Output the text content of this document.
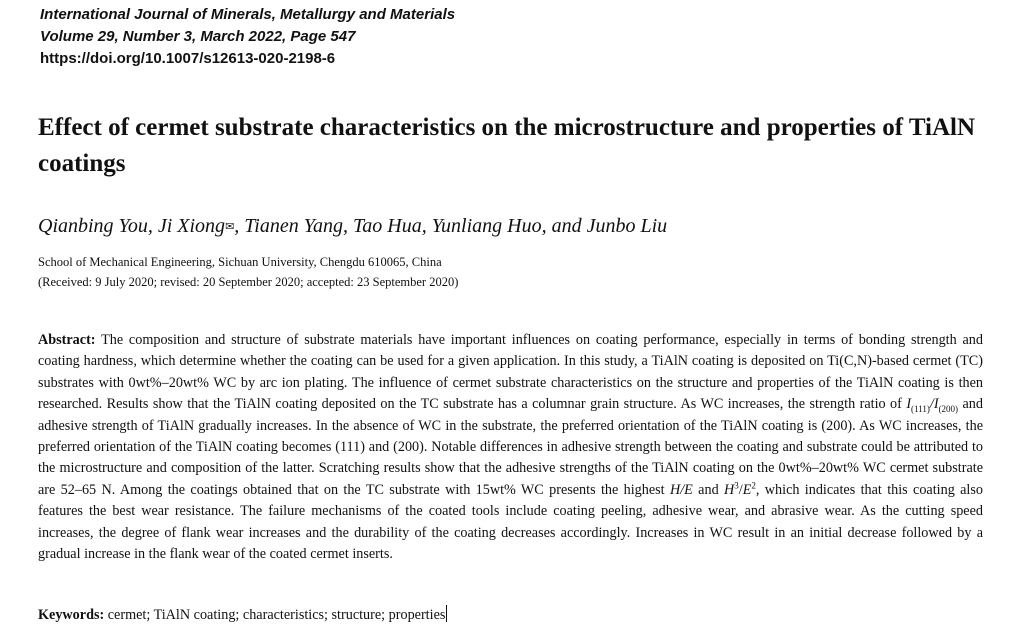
International Journal of Minerals, Metallurgy and Materials
Volume 29, Number 3, March 2022, Page 547
https://doi.org/10.1007/s12613-020-2198-6
Effect of cermet substrate characteristics on the microstructure and properties of TiAlN coatings
Qianbing You, Ji Xiong✉, Tianen Yang, Tao Hua, Yunliang Huo, and Junbo Liu
School of Mechanical Engineering, Sichuan University, Chengdu 610065, China
(Received: 9 July 2020; revised: 20 September 2020; accepted: 23 September 2020)
Abstract: The composition and structure of substrate materials have important influences on coating performance, especially in terms of bonding strength and coating hardness, which determine whether the coating can be used for a given application. In this study, a TiAlN coating is deposited on Ti(C,N)-based cermet (TC) substrates with 0wt%–20wt% WC by arc ion plating. The influence of cermet substrate characteristics on the structure and properties of the TiAlN coating is then researched. Results show that the TiAlN coating deposited on the TC substrate has a columnar grain structure. As WC increases, the strength ratio of $I_{(111)}/I_{(200)}$ and adhesive strength of TiAlN gradually increases. In the absence of WC in the substrate, the preferred orientation of the TiAlN coating is (200). As WC increases, the preferred orientation of the TiAlN coating becomes (111) and (200). Notable differences in adhesive strength between the coating and substrate could be attributed to the microstructure and composition of the latter. Scratching results show that the adhesive strengths of the TiAlN coating on the 0wt%–20wt% WC cermet substrate are 52–65 N. Among the coatings obtained that on the TC substrate with 15wt% WC presents the highest H/E and $H^3/E^2$, which indicates that this coating also features the best wear resistance. The failure mechanisms of the coated tools include coating peeling, adhesive wear, and abrasive wear. As the cutting speed increases, the degree of flank wear increases and the durability of the coating decreases accordingly. Increases in WC result in an initial decrease followed by a gradual increase in the flank wear of the coated cermet inserts.
Keywords: cermet; TiAlN coating; characteristics; structure; properties
